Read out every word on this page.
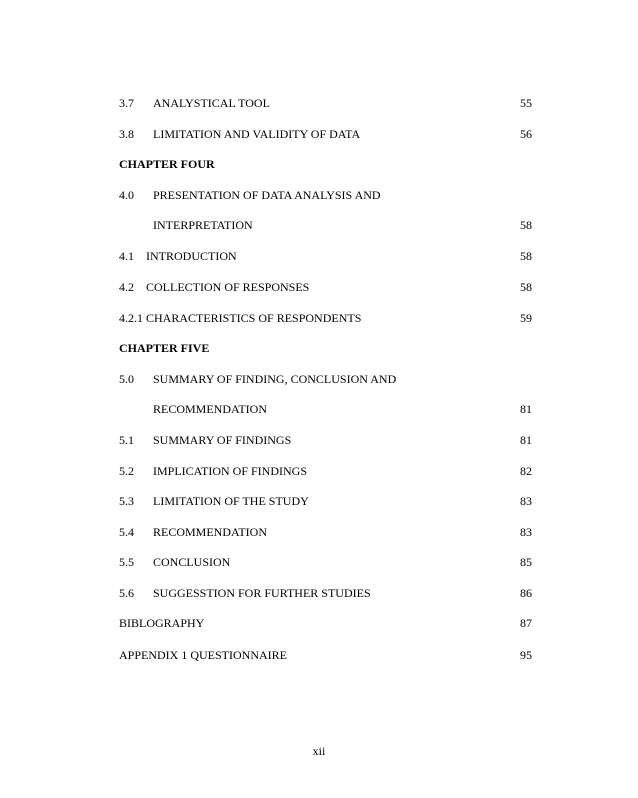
3.7 ANALYSTICAL TOOL	55
3.8 LIMITATION AND VALIDITY OF DATA	56
CHAPTER FOUR
4.0 PRESENTATION OF DATA ANALYSIS AND
INTERPRETATION	58
4.1 INTRODUCTION	58
4.2 COLLECTION OF RESPONSES	58
4.2.1 CHARACTERISTICS OF RESPONDENTS	59
CHAPTER FIVE
5.0 SUMMARY OF FINDING, CONCLUSION AND
RECOMMENDATION	81
5.1 SUMMARY OF FINDINGS	81
5.2 IMPLICATION OF FINDINGS	82
5.3 LIMITATION OF THE STUDY	83
5.4 RECOMMENDATION	83
5.5 CONCLUSION	85
5.6 SUGGESSTION FOR FURTHER STUDIES	86
BIBLOGRAPHY	87
APPENDIX 1 QUESTIONNAIRE	95
xii
